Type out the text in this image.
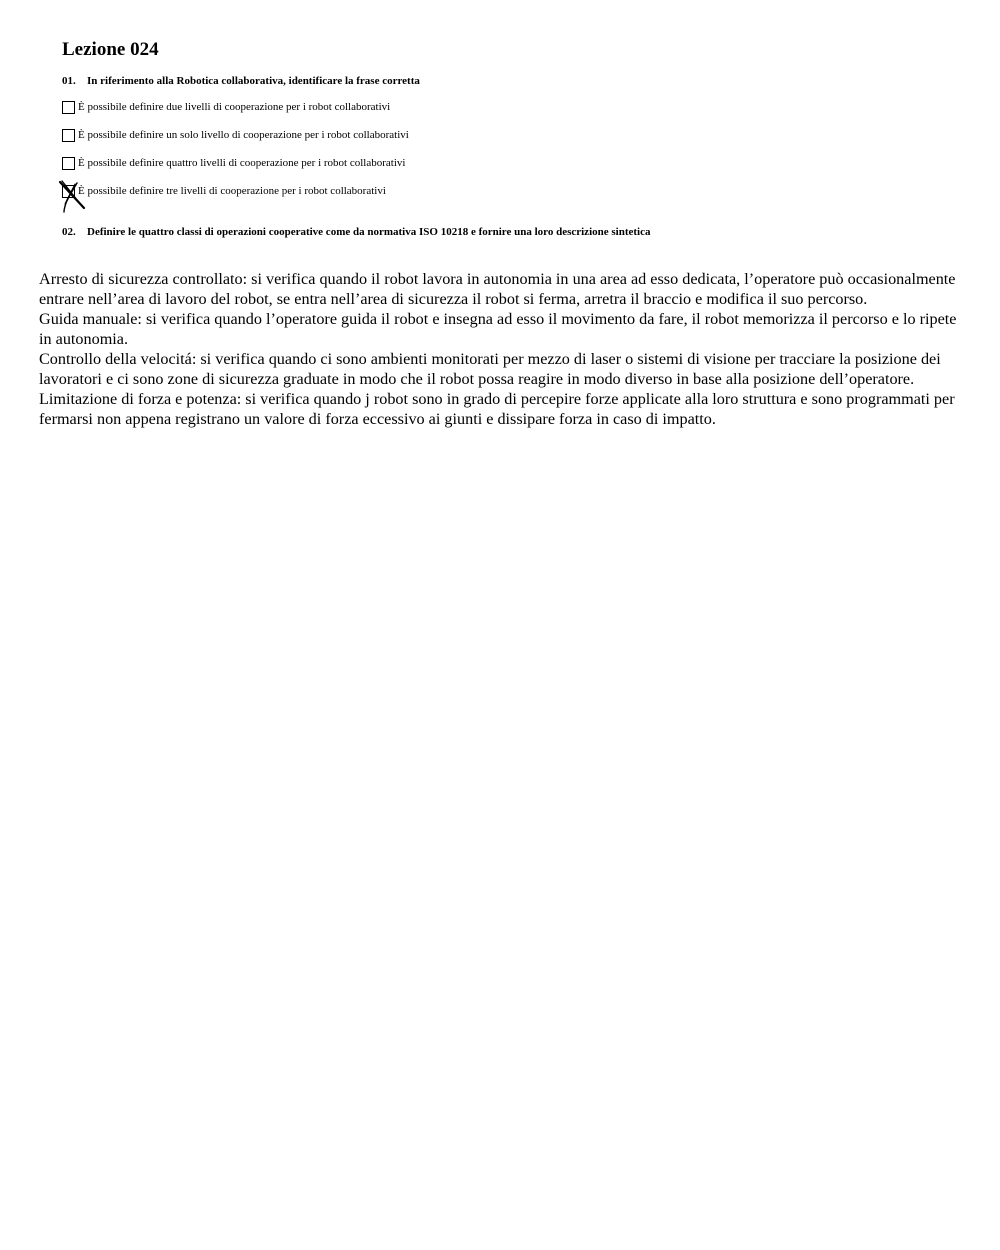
Lezione 024
01. In riferimento alla Robotica collaborativa, identificare la frase corretta
È possibile definire due livelli di cooperazione per i robot collaborativi
È possibile definire un solo livello di cooperazione per i robot collaborativi
È possibile definire quattro livelli di cooperazione per i robot collaborativi
È possibile definire tre livelli di cooperazione per i robot collaborativi
02. Definire le quattro classi di operazioni cooperative come da normativa ISO 10218 e fornire una loro descrizione sintetica

Arresto di sicurezza controllato: si verifica quando il robot lavora in autonomia in una area ad esso dedicata, l’operatore può occasionalmente entrare nell’area di lavoro del robot, se entra nell’area di sicurezza il robot si ferma, arretra il braccio e modifica il suo percorso.

Guida manuale: si verifica quando l’operatore guida il robot e insegna ad esso il movimento da fare, il robot memorizza il percorso e lo ripete in autonomia.

Controllo della velocitá: si verifica quando ci sono ambienti monitorati per mezzo di laser o sistemi di visione per tracciare la posizione dei lavoratori e ci sono zone di sicurezza graduate in modo che il robot possa reagire in modo diverso in base alla posizione dell’operatore.

Limitazione di forza e potenza: si verifica quando j robot sono in grado di percepire forze applicate alla loro struttura e sono programmati per fermarsi non appena registrano un valore di forza eccessivo ai giunti e dissipare forza in caso di impatto.
